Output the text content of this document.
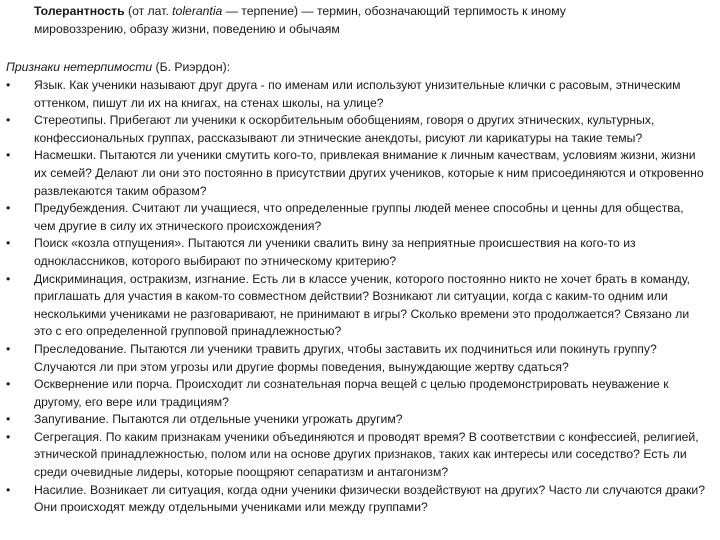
Толерантность (от лат. tolerantia — терпение) — термин, обозначающий терпимость к иному мировоззрению, образу жизни, поведению и обычаям
Признаки нетерпимости (Б. Риэрдон):
•	Язык. Как ученики называют друг друга - по именам или используют унизительные клички с расовым, этническим оттенком, пишут ли их на книгах, на стенах школы, на улице?
•	Стереотипы. Прибегают ли ученики к оскорбительным обобщениям, говоря о других этнических, культурных, конфессиональных группах, рассказывают ли этнические анекдоты, рисуют ли карикатуры на такие темы?
•	Насмешки. Пытаются ли ученики смутить кого-то, привлекая внимание к личным качествам, условиям жизни, жизни их семей? Делают ли они это постоянно в присутствии других учеников, которые к ним присоединяются и откровенно развлекаются таким образом?
•	Предубеждения. Считают ли учащиеся, что определенные группы людей менее способны и ценны для общества, чем другие в силу их этнического происхождения?
•	Поиск «козла отпущения». Пытаются ли ученики свалить вину за неприятные происшествия на кого-то из одноклассников, которого выбирают по этническому критерию?
•	Дискриминация, остракизм, изгнание. Есть ли в классе ученик, которого постоянно никто не хочет брать в команду, приглашать для участия в каком-то совместном действии? Возникают ли ситуации, когда с каким-то одним или несколькими учениками не разговаривают, не принимают в игры? Сколько времени это продолжается? Связано ли это с его определенной групповой принадлежностью?
•	Преследование. Пытаются ли ученики травить других, чтобы заставить их подчиниться или покинуть группу? Случаются ли при этом угрозы или другие формы поведения, вынуждающие жертву сдаться?
•	Осквернение или порча. Происходит ли сознательная порча вещей с целью продемонстрировать неуважение к другому, его вере или традициям?
•	Запугивание. Пытаются ли отдельные ученики угрожать другим?
•	Сегрегация. По каким признакам ученики объединяются и проводят время? В соответствии с конфессией, религией, этнической принадлежностью, полом или на основе других признаков, таких как интересы или соседство? Есть ли среди очевидные лидеры, которые поощряют сепаратизм и антагонизм?
•	Насилие. Возникает ли ситуация, когда одни ученики физически воздействуют на других? Часто ли случаются драки? Они происходят между отдельными учениками или между группами?
